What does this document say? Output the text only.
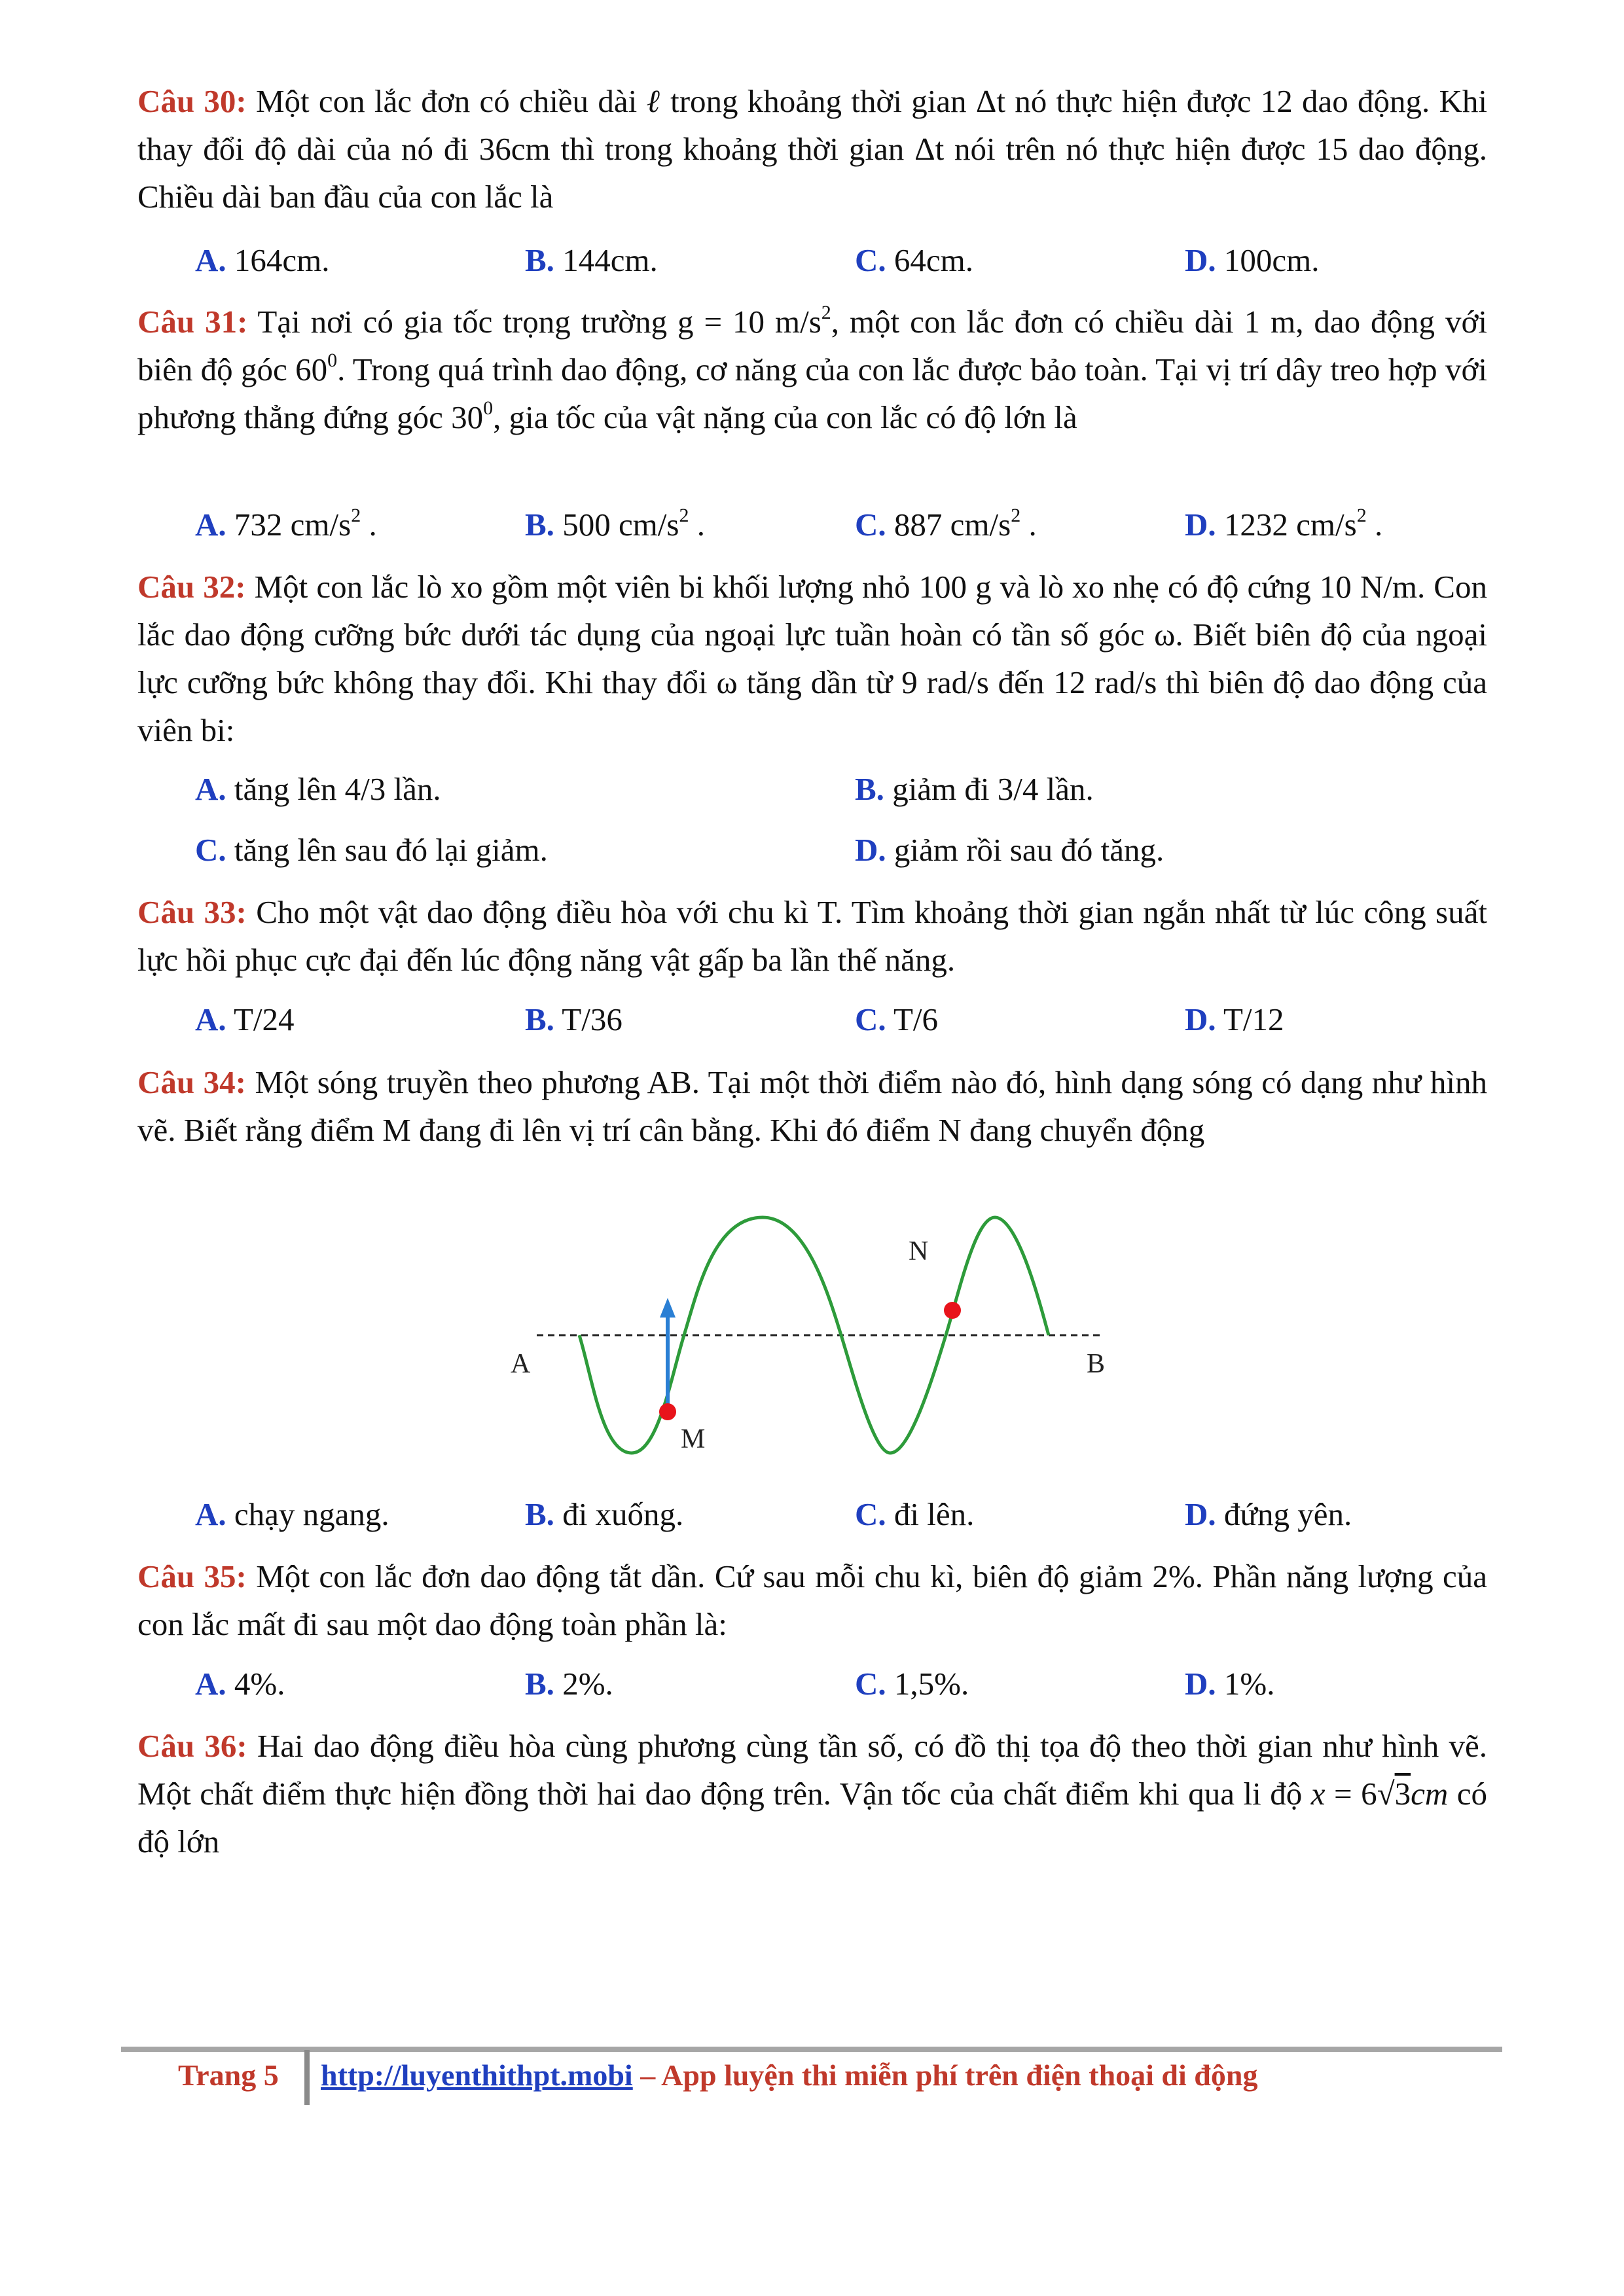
Câu 30: Một con lắc đơn có chiều dài ℓ trong khoảng thời gian Δt nó thực hiện được 12 dao động. Khi thay đổi độ dài của nó đi 36cm thì trong khoảng thời gian Δt nói trên nó thực hiện được 15 dao động. Chiều dài ban đầu của con lắc là
A. 164cm.	B. 144cm.	C. 64cm.	D. 100cm.
Câu 31: Tại nơi có gia tốc trọng trường g = 10 $m/s^2$, một con lắc đơn có chiều dài 1 m, dao động với biên độ góc $60^0$. Trong quá trình dao động, cơ năng của con lắc được bảo toàn. Tại vị trí dây treo hợp với phương thẳng đứng góc $30^0$, gia tốc của vật nặng của con lắc có độ lớn là
A. 732 $cm/s^2$ .	B. 500 $cm/s^2$ .	C. 887 $cm/s^2$ .	D. 1232 $cm/s^2$ .
Câu 32: Một con lắc lò xo gồm một viên bi khối lượng nhỏ 100 g và lò xo nhẹ có độ cứng 10 N/m. Con lắc dao động cưỡng bức dưới tác dụng của ngoại lực tuần hoàn có tần số góc ω. Biết biên độ của ngoại lực cưỡng bức không thay đổi. Khi thay đổi ω tăng dần từ 9 rad/s đến 12 rad/s thì biên độ dao động của viên bi:
A. tăng lên 4/3 lần.	B. giảm đi 3/4 lần.
C. tăng lên sau đó lại giảm.	D. giảm rồi sau đó tăng.
Câu 33: Cho một vật dao động điều hòa với chu kì T. Tìm khoảng thời gian ngắn nhất từ lúc công suất lực hồi phục cực đại đến lúc động năng vật gấp ba lần thế năng.
A. T/24	B. T/36	C. T/6	D. T/12
Câu 34: Một sóng truyền theo phương AB. Tại một thời điểm nào đó, hình dạng sóng có dạng như hình vẽ. Biết rằng điểm M đang đi lên vị trí cân bằng. Khi đó điểm N đang chuyển động
A	B
M
N
A. chạy ngang.	B. đi xuống.	C. đi lên.	D. đứng yên.
Câu 35: Một con lắc đơn dao động tắt dần. Cứ sau mỗi chu kì, biên độ giảm 2%. Phần năng lượng của con lắc mất đi sau một dao động toàn phần là:
A. 4%.	B. 2%.	C. 1,5%.	D. 1%.
Câu 36: Hai dao động điều hòa cùng phương cùng tần số, có đồ thị tọa độ theo thời gian như hình vẽ. Một chất điểm thực hiện đồng thời hai dao động trên. Vận tốc của chất điểm khi qua li độ x = 6√3cm có độ lớn
Trang 5 http://luyenthithpt.mobi – App luyện thi miễn phí trên điện thoại di động
